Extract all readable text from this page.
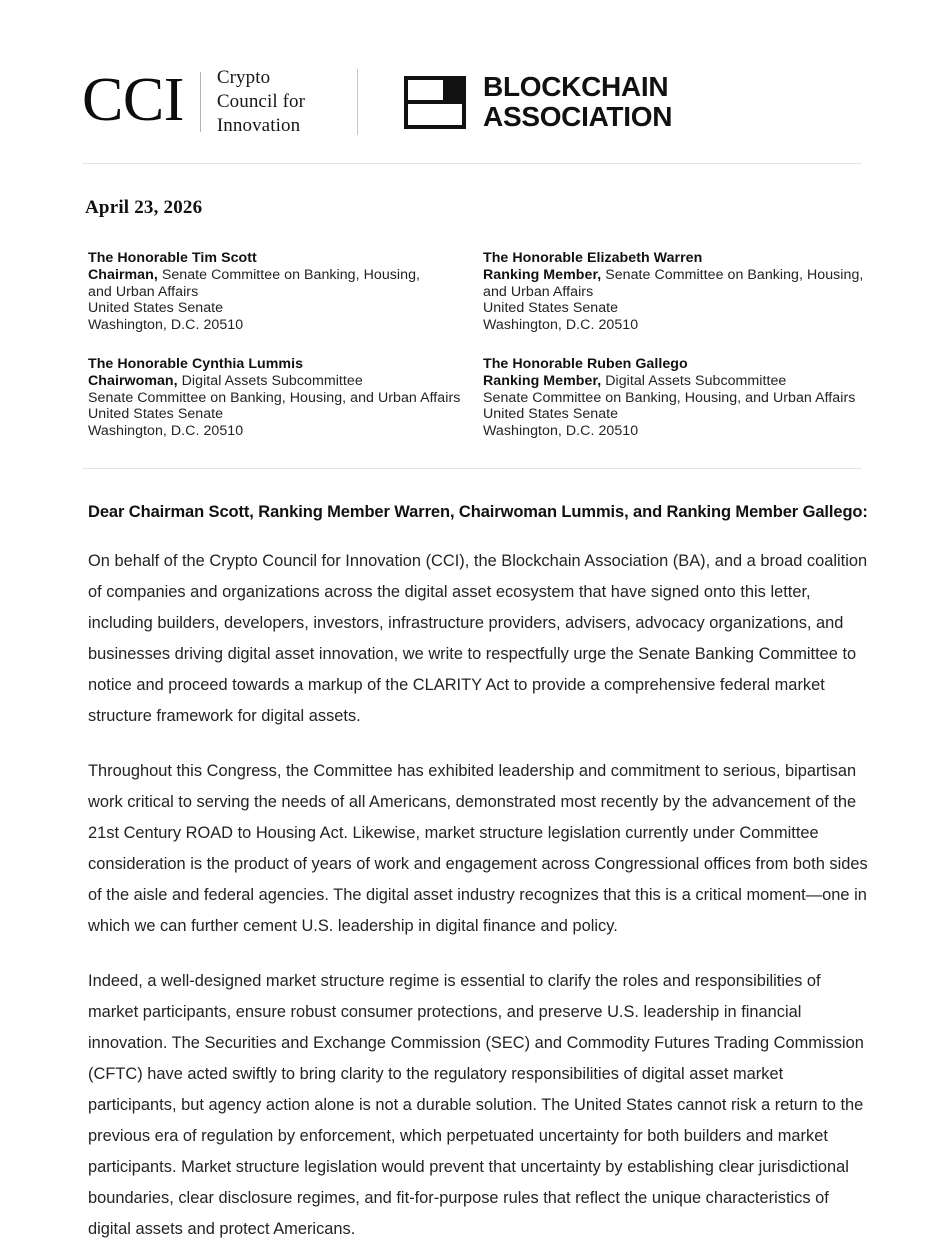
CCI	Crypto
Council for
Innovation
BLOCKCHAIN
ASSOCIATION
April 23, 2026
The Honorable Tim Scott
Chairman, Senate Committee on Banking, Housing,
and Urban Affairs
United States Senate
Washington, D.C. 20510
The Honorable Elizabeth Warren
Ranking Member, Senate Committee on Banking, Housing,
and Urban Affairs
United States Senate
Washington, D.C. 20510
The Honorable Cynthia Lummis
Chairwoman, Digital Assets Subcommittee
Senate Committee on Banking, Housing, and Urban Affairs
United States Senate
Washington, D.C. 20510
The Honorable Ruben Gallego
Ranking Member, Digital Assets Subcommittee
Senate Committee on Banking, Housing, and Urban Affairs
United States Senate
Washington, D.C. 20510
Dear Chairman Scott, Ranking Member Warren, Chairwoman Lummis, and Ranking Member Gallego:

On behalf of the Crypto Council for Innovation (CCI), the Blockchain Association (BA), and a broad coalition of companies and organizations across the digital asset ecosystem that have signed onto this letter, including builders, developers, investors, infrastructure providers, advisers, advocacy organizations, and businesses driving digital asset innovation, we write to respectfully urge the Senate Banking Committee to notice and proceed towards a markup of the CLARITY Act to provide a comprehensive federal market structure framework for digital assets.

Throughout this Congress, the Committee has exhibited leadership and commitment to serious, bipartisan work critical to serving the needs of all Americans, demonstrated most recently by the advancement of the 21st Century ROAD to Housing Act. Likewise, market structure legislation currently under Committee consideration is the product of years of work and engagement across Congressional offices from both sides of the aisle and federal agencies. The digital asset industry recognizes that this is a critical moment—one in which we can further cement U.S. leadership in digital finance and policy.

Indeed, a well-designed market structure regime is essential to clarify the roles and responsibilities of market participants, ensure robust consumer protections, and preserve U.S. leadership in financial innovation. The Securities and Exchange Commission (SEC) and Commodity Futures Trading Commission (CFTC) have acted swiftly to bring clarity to the regulatory responsibilities of digital asset market participants, but agency action alone is not a durable solution. The United States cannot risk a return to the previous era of regulation by enforcement, which perpetuated uncertainty for both builders and market participants. Market structure legislation would prevent that uncertainty by establishing clear jurisdictional boundaries, clear disclosure regimes, and fit-for-purpose rules that reflect the unique characteristics of digital assets and protect Americans.
